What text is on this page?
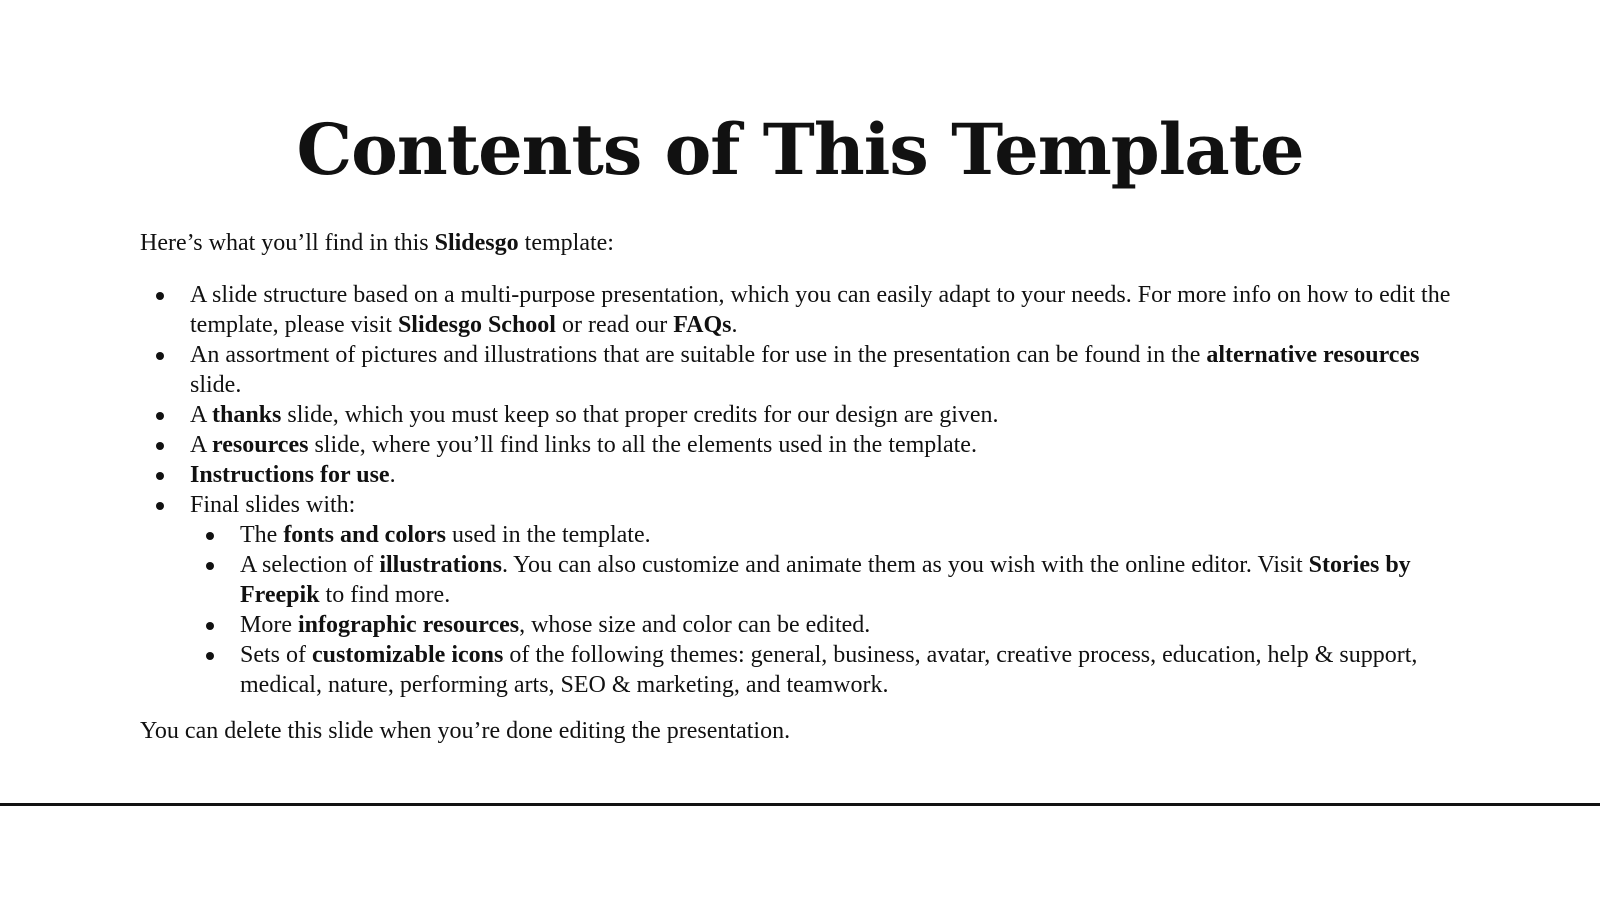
Contents of This Template

Here’s what you’ll find in this Slidesgo template:

A slide structure based on a multi-purpose presentation, which you can easily adapt to your needs. For more info on how to edit the template, please visit Slidesgo School or read our FAQs.
An assortment of pictures and illustrations that are suitable for use in the presentation can be found in the alternative resources slide.
A thanks slide, which you must keep so that proper credits for our design are given.
A resources slide, where you’ll find links to all the elements used in the template.
Instructions for use.
Final slides with:
The fonts and colors used in the template.
A selection of illustrations. You can also customize and animate them as you wish with the online editor. Visit Stories by Freepik to find more.
More infographic resources, whose size and color can be edited.
Sets of customizable icons of the following themes: general, business, avatar, creative process, education, help & support, medical, nature, performing arts, SEO & marketing, and teamwork.

You can delete this slide when you’re done editing the presentation.
